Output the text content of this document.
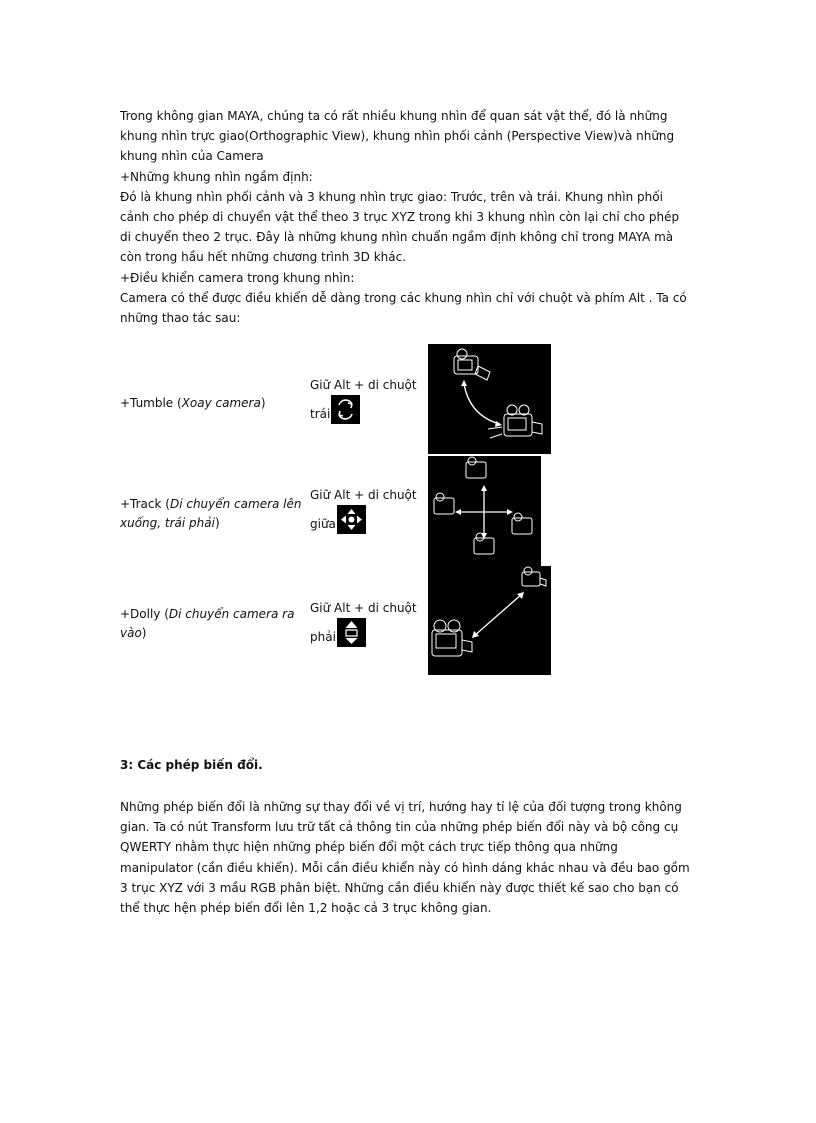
Trong không gian MAYA, chúng ta có rất nhiều khung nhìn để quan sát vật thể, đó là những
khung nhìn trực giao(Orthographic View), khung nhìn phối cảnh (Perspective View)và những
khung nhìn của Camera
+Những khung nhìn ngầm định:
Đó là khung nhìn phối cảnh và 3 khung nhìn trực giao: Trước, trên và trái. Khung nhìn phối
cảnh cho phép di chuyển vật thể theo 3 trục XYZ trong khi 3 khung nhìn còn lại chỉ cho phép
di chuyển theo 2 trục. Đây là những khung nhìn chuẩn ngầm định không chỉ trong MAYA mà
còn trong hầu hết những chương trình 3D khác.
+Điều khiển camera trong khung nhìn:
Camera có thể được điều khiển dễ dàng trong các khung nhìn chỉ với chuột và phím Alt . Ta có
những thao tác sau:
+Tumble (Xoay camera)
Giữ Alt + di chuột
trái
+Track (Di chuyển camera lên
xuống, trái phải)
Giữ Alt + di chuột
giữa
+Dolly (Di chuyển camera ra
vào)
Giữ Alt + di chuột
phải
3: Các phép biến đổi.
Những phép biến đổi là những sự thay đổi về vị trí, hướng hay tỉ lệ của đối tượng trong không
gian. Ta có nút Transform lưu trữ tất cả thông tin của những phép biến đổi này và bộ công cụ
QWERTY nhằm thực hiện những phép biến đổi một cách trực tiếp thông qua những
manipulator (cần điều khiển). Mỗi cần điều khiển này có hình dáng khác nhau và đều bao gồm
3 trục XYZ với 3 mầu RGB phân biệt. Những cần điều khiển này được thiết kế sao cho bạn có
thể thực hện phép biến đổi lên 1,2 hoặc cả 3 trục không gian.
